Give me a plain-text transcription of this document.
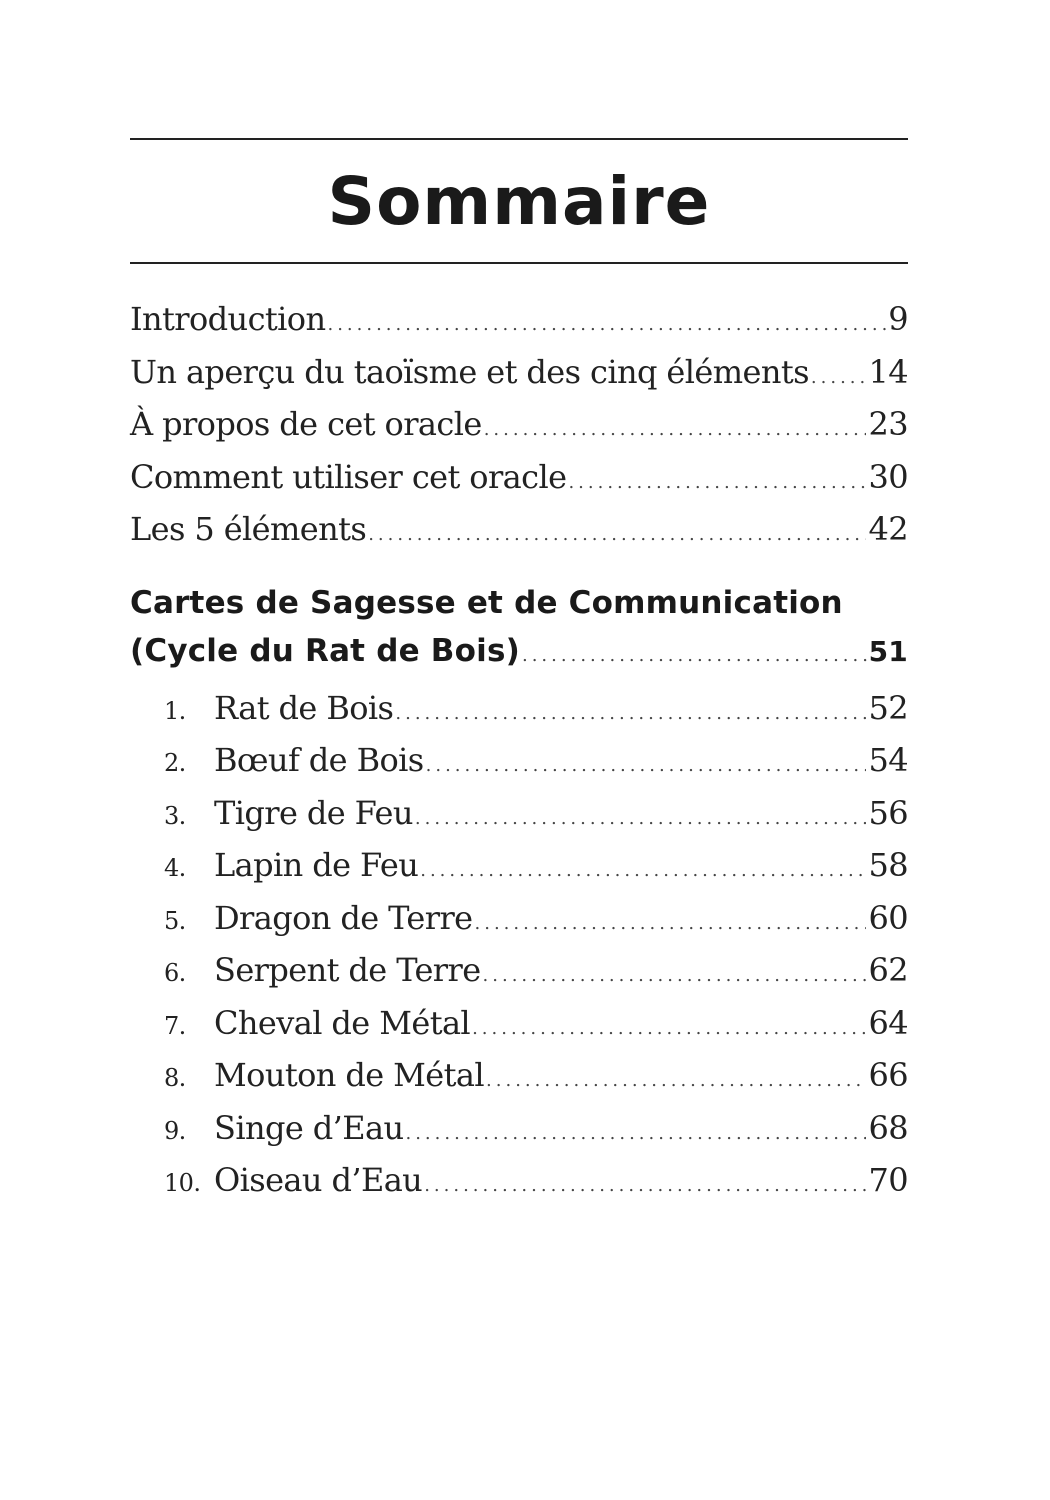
Sommaire
Introduction .....	9
Un aperçu du taoïsme et des cinq éléments ..... 14
À propos de cet oracle .....	23
Comment utiliser cet oracle .....	30
Les 5 éléments .....	42
Cartes de Sagesse et de Communication
(Cycle du Rat de Bois) .....	51
1. Rat de Bois .....	52
2. Bœuf de Bois .....	54
3. Tigre de Feu .....	56
4. Lapin de Feu .....	58
5. Dragon de Terre .....	60
6. Serpent de Terre .....	62
7. Cheval de Métal .....	64
8. Mouton de Métal .....	66
9. Singe d’Eau .....	68
10. Oiseau d’Eau .....	70
